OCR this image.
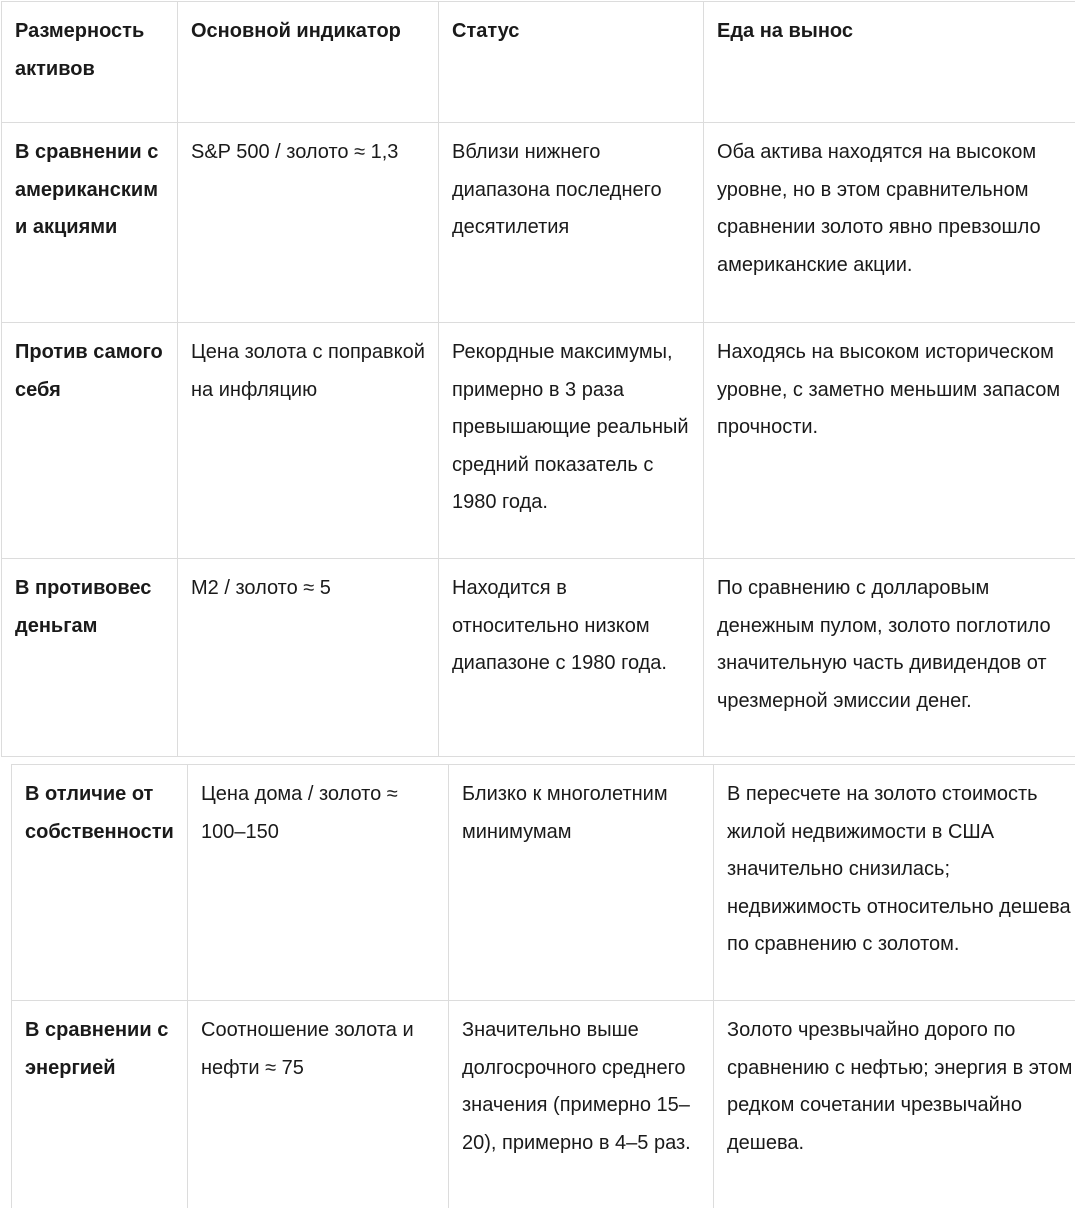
Размерность активов	Основной индикатор	Статус	Еда на вынос
В сравнении с американскими акциями	S&P 500 / золото ≈ 1,3	Вблизи нижнего диапазона последнего десятилетия	Оба актива находятся на высоком уровне, но в этом сравнительном сравнении золото явно превзошло американские акции.
Против самого себя	Цена золота с поправкой на инфляцию	Рекордные максимумы, примерно в 3 раза превышающие реальный средний показатель с 1980 года.	Находясь на высоком историческом уровне, с заметно меньшим запасом прочности.
В противовес деньгам	M2 / золото ≈ 5	Находится в относительно низком диапазоне с 1980 года.	По сравнению с долларовым денежным пулом, золото поглотило значительную часть дивидендов от чрезмерной эмиссии денег.
В отличие от собственности	Цена дома / золото ≈ 100–150	Близко к многолетним минимумам	В пересчете на золото стоимость жилой недвижимости в США значительно снизилась; недвижимость относительно дешева по сравнению с золотом.
В сравнении с энергией	Соотношение золота и нефти ≈ 75	Значительно выше долгосрочного среднего значения (примерно 15–20), примерно в 4–5 раз.	Золото чрезвычайно дорого по сравнению с нефтью; энергия в этом редком сочетании чрезвычайно дешева.
